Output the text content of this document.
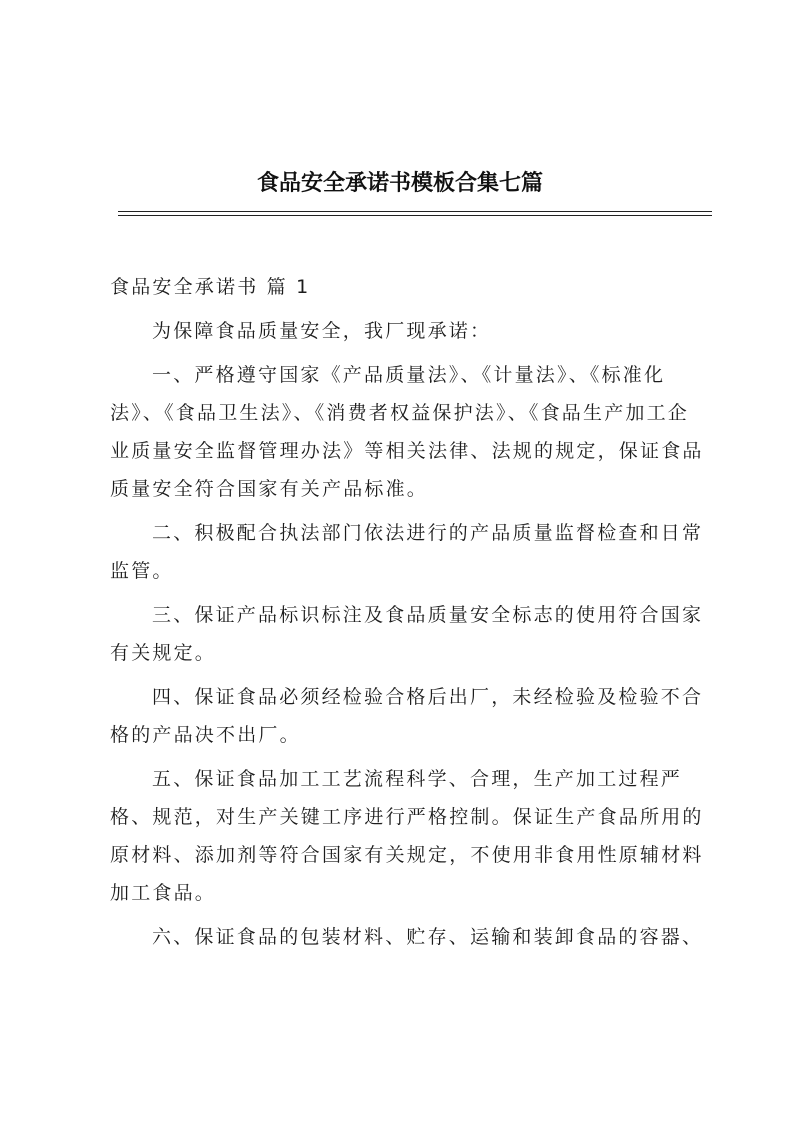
食品安全承诺书模板合集七篇

食品安全承诺书 篇 1

为保障食品质量安全，我厂现承诺：

一、严格遵守国家《产品质量法》、《计量法》、《标准化法》、《食品卫生法》、《消费者权益保护法》、《食品生产加工企业质量安全监督管理办法》等相关法律、法规的规定，保证食品质量安全符合国家有关产品标准。

二、积极配合执法部门依法进行的产品质量监督检查和日常监管。

三、保证产品标识标注及食品质量安全标志的使用符合国家有关规定。

四、保证食品必须经检验合格后出厂，未经检验及检验不合格的产品决不出厂。

五、保证食品加工工艺流程科学、合理，生产加工过程严格、规范，对生产关键工序进行严格控制。保证生产食品所用的原材料、添加剂等符合国家有关规定，不使用非食用性原辅材料加工食品。

六、保证食品的包装材料、贮存、运输和装卸食品的容器、
